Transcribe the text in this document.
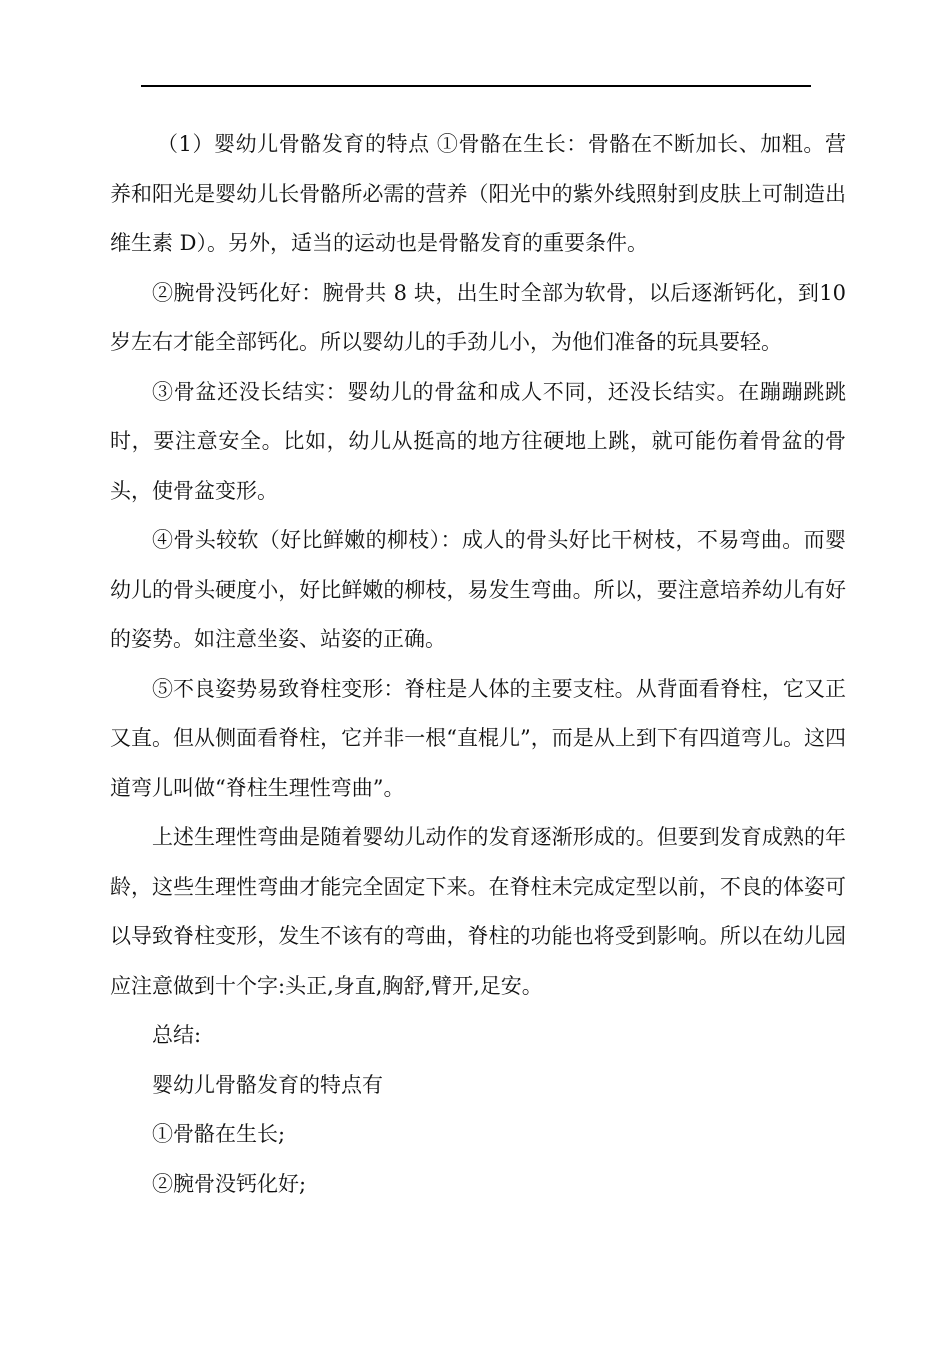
（1）婴幼儿骨骼发育的特点 ①骨骼在生长：骨骼在不断加长、加粗。营养和阳光是婴幼儿长骨骼所必需的营养（阳光中的紫外线照射到皮肤上可制造出维生素 D）。另外，适当的运动也是骨骼发育的重要条件。

②腕骨没钙化好：腕骨共 8 块，出生时全部为软骨，以后逐渐钙化，到10 岁左右才能全部钙化。所以婴幼儿的手劲儿小，为他们准备的玩具要轻。

③骨盆还没长结实：婴幼儿的骨盆和成人不同，还没长结实。在蹦蹦跳跳时，要注意安全。比如，幼儿从挺高的地方往硬地上跳，就可能伤着骨盆的骨头，使骨盆变形。

④骨头较软（好比鲜嫩的柳枝）：成人的骨头好比干树枝，不易弯曲。而婴幼儿的骨头硬度小，好比鲜嫩的柳枝，易发生弯曲。所以，要注意培养幼儿有好的姿势。如注意坐姿、站姿的正确。

⑤不良姿势易致脊柱变形：脊柱是人体的主要支柱。从背面看脊柱，它又正又直。但从侧面看脊柱，它并非一根“直棍儿”，而是从上到下有四道弯儿。这四道弯儿叫做“脊柱生理性弯曲”。

上述生理性弯曲是随着婴幼儿动作的发育逐渐形成的。但要到发育成熟的年龄，这些生理性弯曲才能完全固定下来。在脊柱未完成定型以前，不良的体姿可以导致脊柱变形，发生不该有的弯曲，脊柱的功能也将受到影响。所以在幼儿园应注意做到十个字:头正,身直,胸舒,臂开,足安。

总结:

婴幼儿骨骼发育的特点有

①骨骼在生长;

②腕骨没钙化好;
